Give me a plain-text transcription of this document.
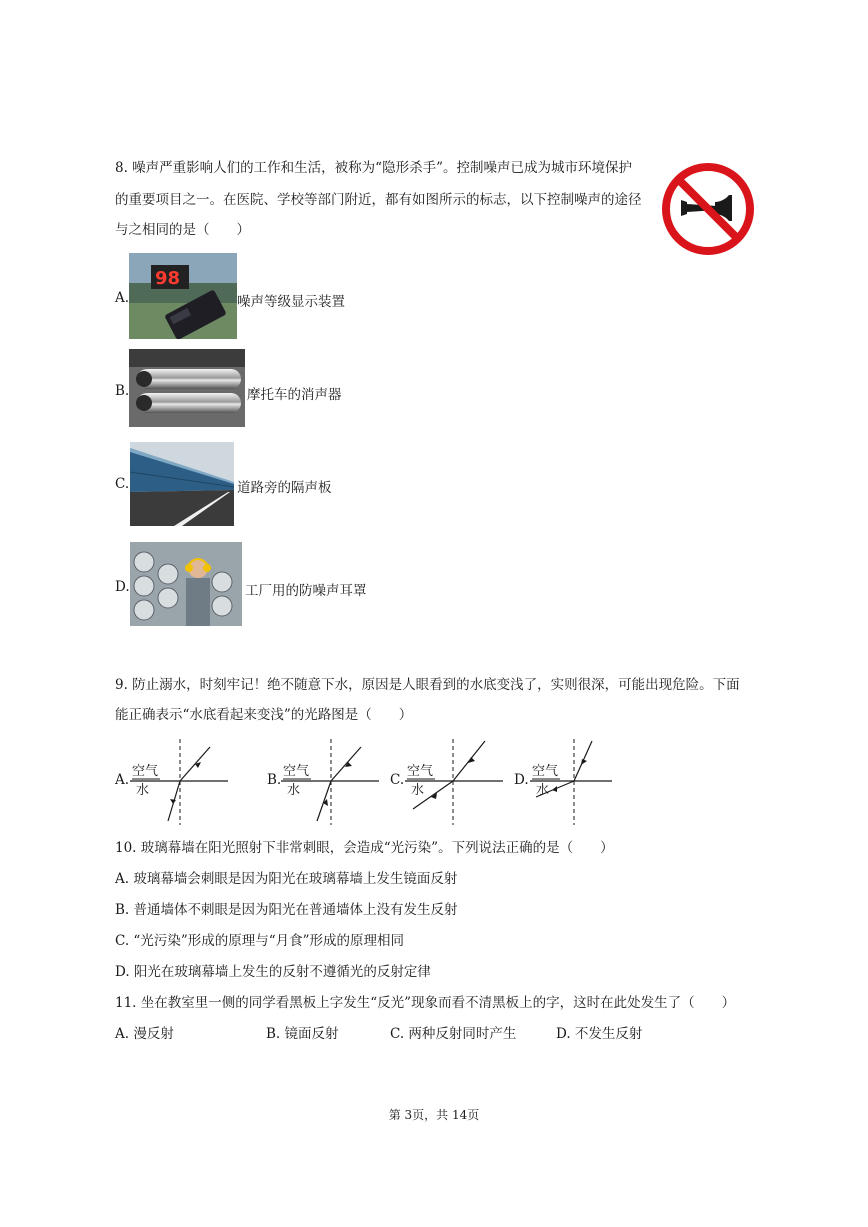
8. 噪声严重影响人们的工作和生活，被称为“隐形杀手”。控制噪声已成为城市环境保护
的重要项目之一。在医院、学校等部门附近，都有如图所示的标志，以下控制噪声的途径
与之相同的是（　　）
A.
98
噪声等级显示装置
B.	摩托车的消声器
C.	道路旁的隔声板
D.	工厂用的防噪声耳罩
9. 防止溺水，时刻牢记！绝不随意下水，原因是人眼看到的水底变浅了，实则很深，可能出现危险。下面
能正确表示“水底看起来变浅”的光路图是（　　）
A.
空气
水
B.
空气
水
C.
空气
水
D.
空气
水
10. 玻璃幕墙在阳光照射下非常刺眼，会造成“光污染”。下列说法正确的是（　　）
A. 玻璃幕墙会刺眼是因为阳光在玻璃幕墙上发生镜面反射
B. 普通墙体不刺眼是因为阳光在普通墙体上没有发生反射
C. “光污染”形成的原理与“月食”形成的原理相同
D. 阳光在玻璃幕墙上发生的反射不遵循光的反射定律
11. 坐在教室里一侧的同学看黑板上字发生“反光”现象而看不清黑板上的字，这时在此处发生了（　　）
A. 漫反射	B. 镜面反射	C. 两种反射同时产生	D. 不发生反射
第 3页，共 14页
